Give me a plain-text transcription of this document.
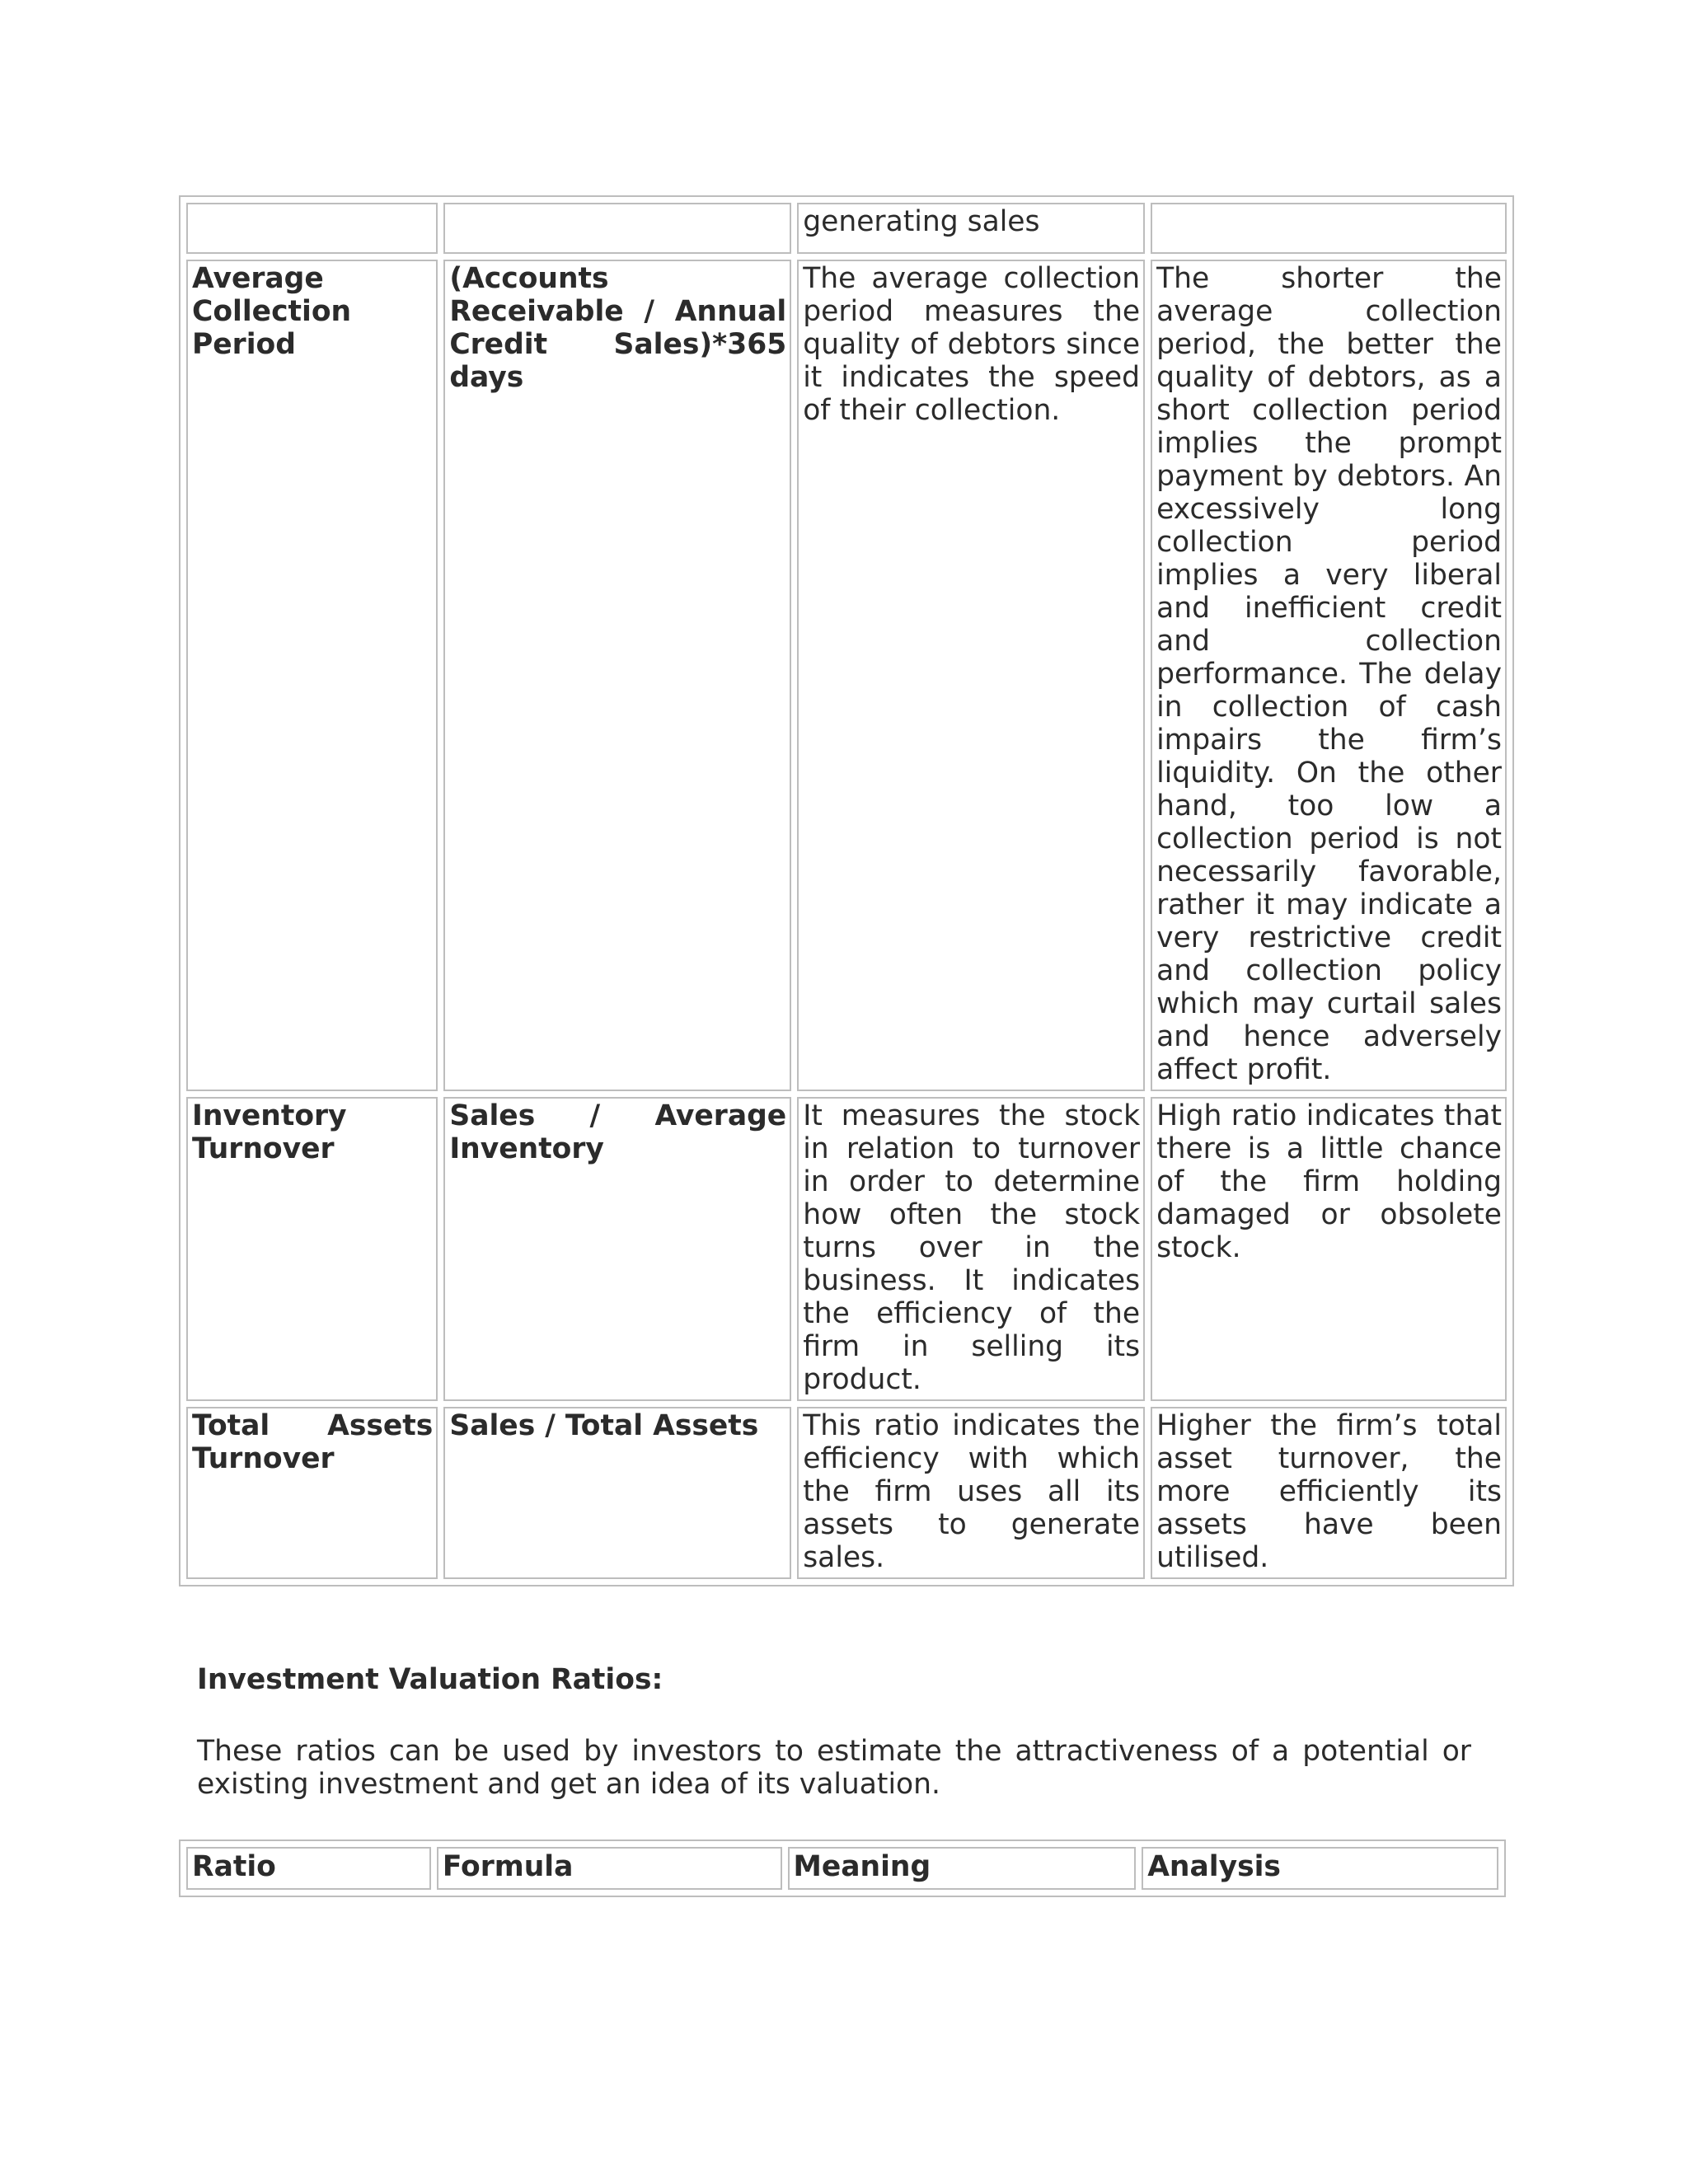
		generating sales	
Average Collection Period	(Accounts Receivable / Annual Credit Sales)*365 days	The average collection period measures the quality of debtors since it indicates the speed of their collection.	The shorter the average collection period, the better the quality of debtors, as a short collection period implies the prompt payment by debtors. An excessively long collection period implies a very liberal and inefficient credit and collection performance. The delay in collection of cash impairs the firm’s liquidity. On the other hand, too low a collection period is not necessarily favorable, rather it may indicate a very restrictive credit and collection policy which may curtail sales and hence adversely affect profit.
Inventory Turnover	Sales / Average Inventory	It measures the stock in relation to turnover in order to determine how often the stock turns over in the business. It indicates the efficiency of the firm in selling its product.	High ratio indicates that there is a little chance of the firm holding damaged or obsolete stock.
Total Assets Turnover	Sales / Total Assets	This ratio indicates the efficiency with which the firm uses all its assets to generate sales.	Higher the firm’s total asset turnover, the more efficiently its assets have been utilised.
Investment Valuation Ratios:

These ratios can be used by investors to estimate the attractiveness of a potential or existing investment and get an idea of its valuation.

Ratio	Formula	Meaning	Analysis
